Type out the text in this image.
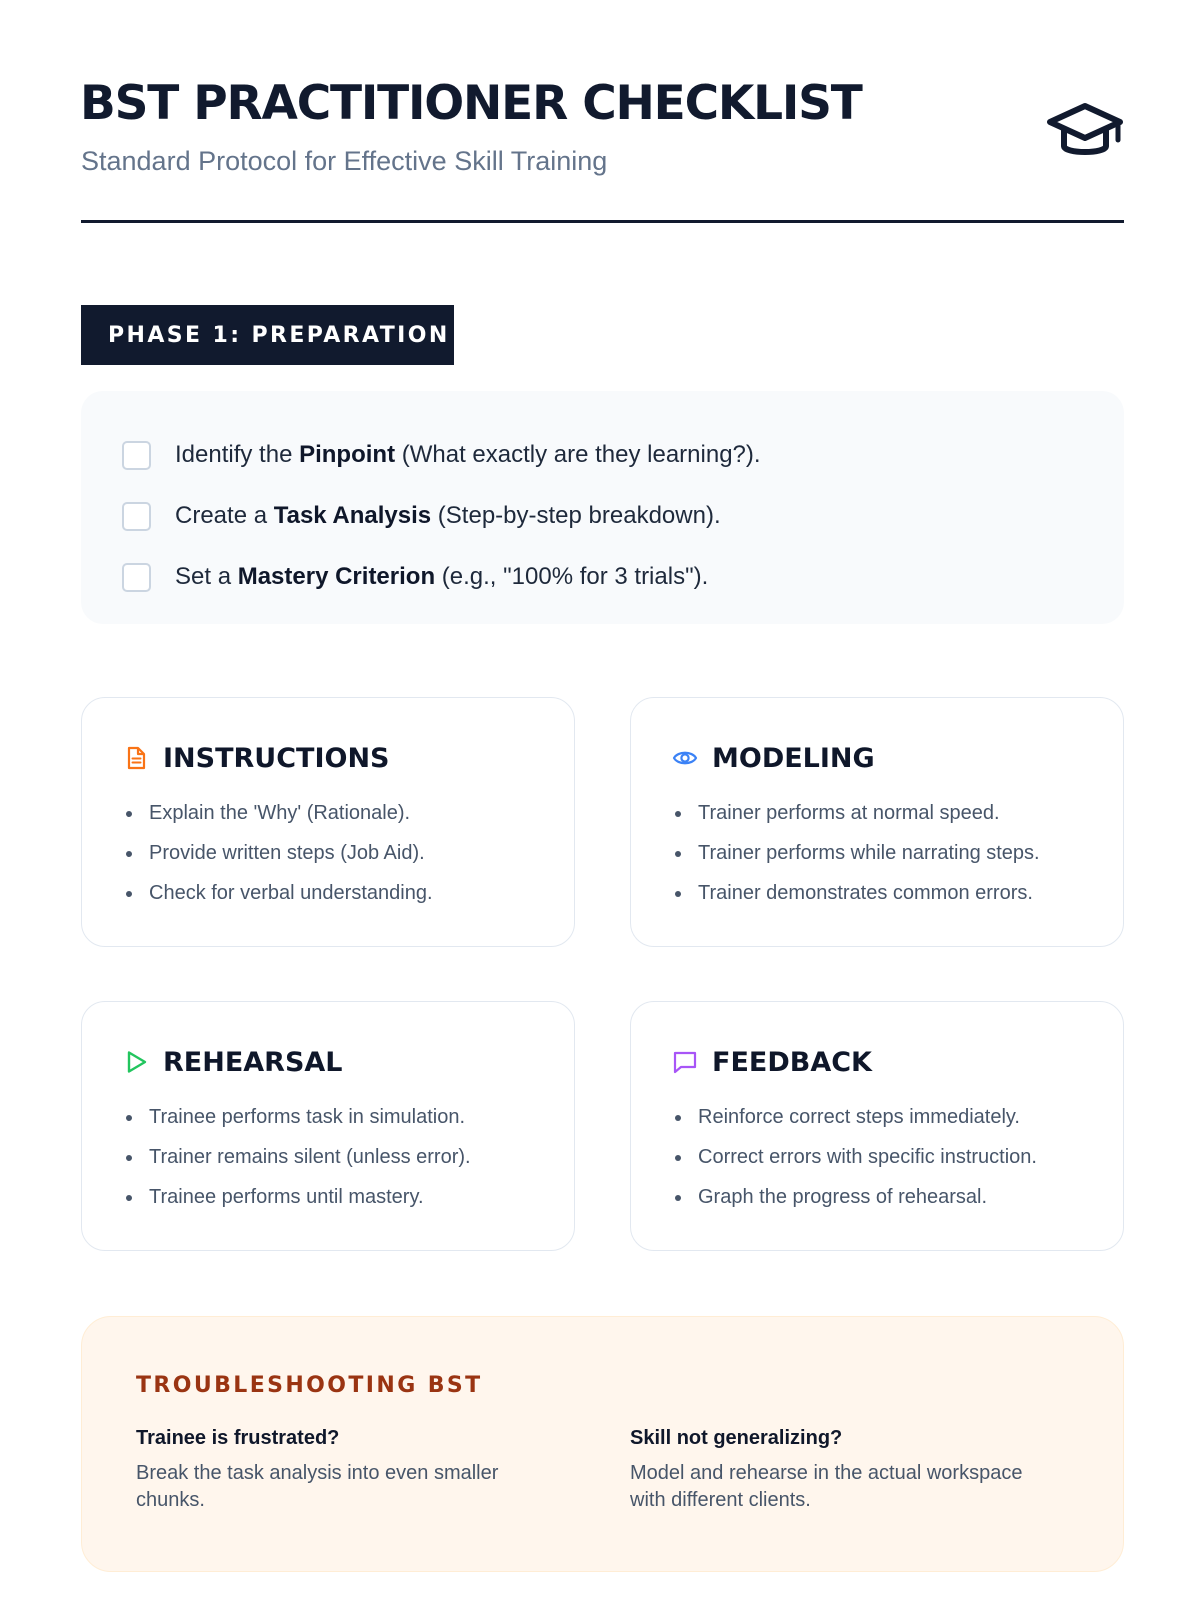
BST PRACTITIONER CHECKLIST
Standard Protocol for Effective Skill Training
PHASE 1: PREPARATION
Identify the Pinpoint (What exactly are they learning?).
Create a Task Analysis (Step-by-step breakdown).
Set a Mastery Criterion (e.g., "100% for 3 trials").
INSTRUCTIONS
Explain the 'Why' (Rationale).
Provide written steps (Job Aid).
Check for verbal understanding.
MODELING
Trainer performs at normal speed.
Trainer performs while narrating steps.
Trainer demonstrates common errors.
REHEARSAL
Trainee performs task in simulation.
Trainer remains silent (unless error).
Trainee performs until mastery.
FEEDBACK
Reinforce correct steps immediately.
Correct errors with specific instruction.
Graph the progress of rehearsal.
TROUBLESHOOTING BST
Trainee is frustrated?
Break the task analysis into even smaller chunks.
Skill not generalizing?
Model and rehearse in the actual workspace with different clients.
